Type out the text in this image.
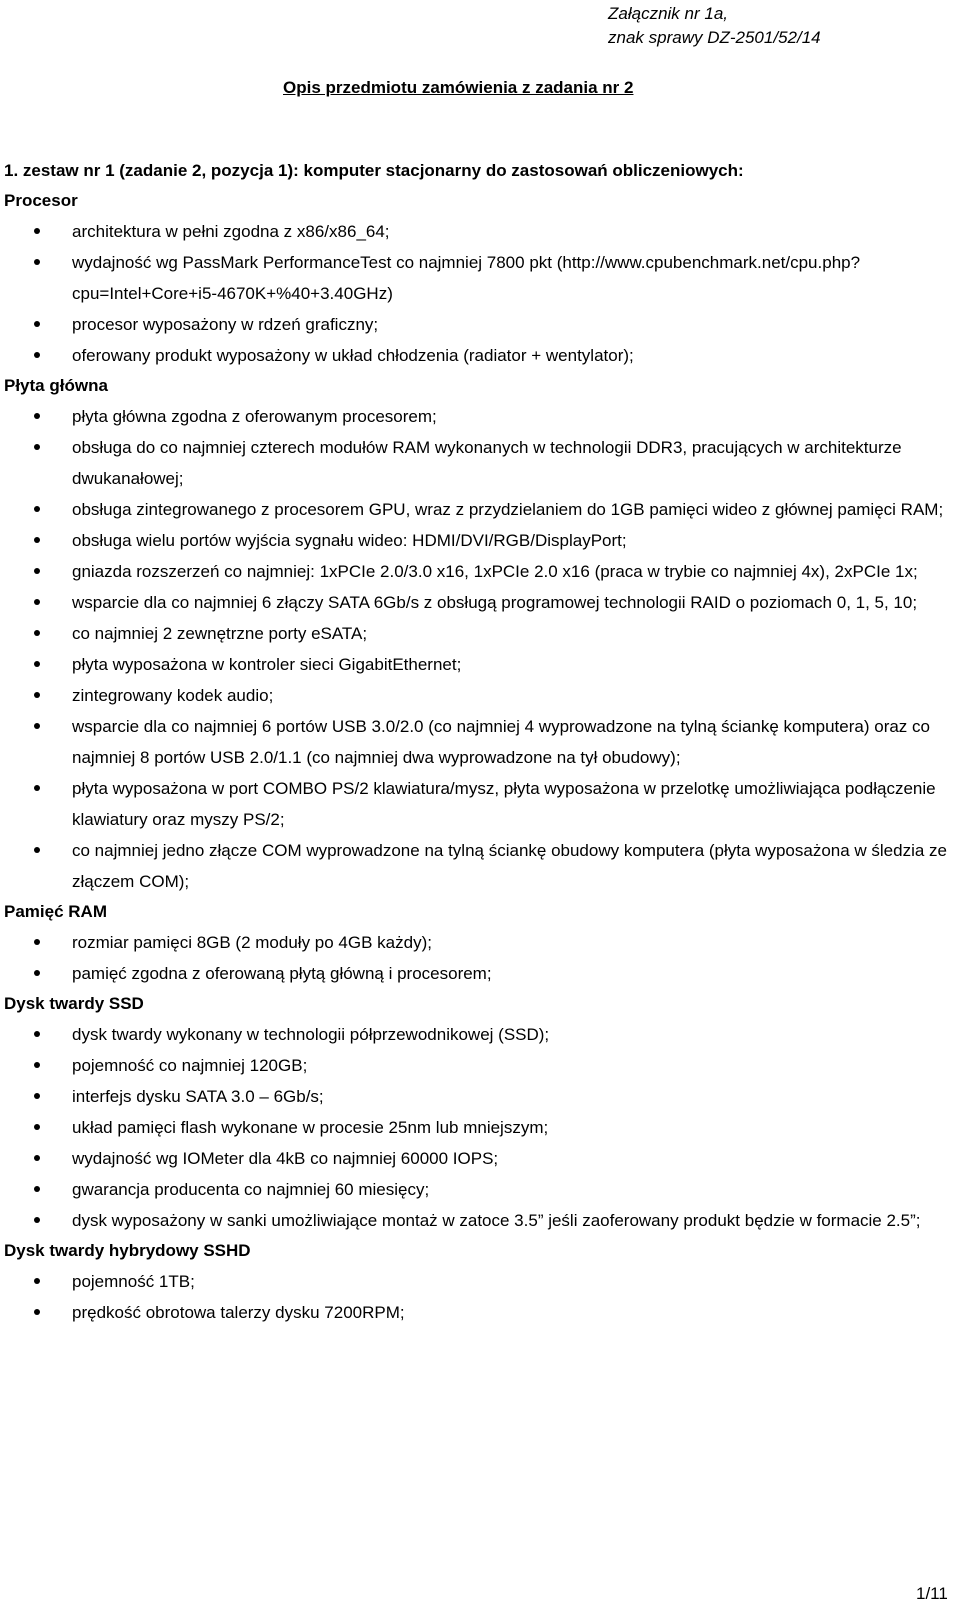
Załącznik nr 1a,
znak sprawy DZ-2501/52/14
Opis przedmiotu zamówienia z zadania nr 2
1. zestaw nr 1 (zadanie 2, pozycja 1): komputer stacjonarny do zastosowań obliczeniowych:
Procesor
architektura w pełni zgodna z x86/x86_64;
wydajność wg PassMark PerformanceTest co najmniej 7800 pkt (http://www.cpubenchmark.net/cpu.php?cpu=Intel+Core+i5-4670K+%40+3.40GHz)
procesor wyposażony w rdzeń graficzny;
oferowany produkt wyposażony w układ chłodzenia (radiator + wentylator);
Płyta główna
płyta główna zgodna z oferowanym procesorem;
obsługa do co najmniej czterech modułów RAM wykonanych w technologii DDR3, pracujących w architekturze dwukanałowej;
obsługa zintegrowanego z procesorem GPU, wraz z przydzielaniem do 1GB pamięci wideo z głównej pamięci RAM;
obsługa wielu portów wyjścia sygnału wideo: HDMI/DVI/RGB/DisplayPort;
gniazda rozszerzeń co najmniej: 1xPCIe 2.0/3.0 x16, 1xPCIe 2.0 x16 (praca w trybie co najmniej 4x), 2xPCIe 1x;
wsparcie dla co najmniej 6 złączy SATA 6Gb/s z obsługą programowej technologii RAID o poziomach 0, 1, 5, 10;
co najmniej 2 zewnętrzne porty eSATA;
płyta wyposażona w kontroler sieci GigabitEthernet;
zintegrowany kodek audio;
wsparcie dla co najmniej 6 portów USB 3.0/2.0 (co najmniej 4 wyprowadzone na tylną ściankę komputera) oraz co najmniej 8 portów USB 2.0/1.1 (co najmniej dwa wyprowadzone na tył obudowy);
płyta wyposażona w port COMBO PS/2 klawiatura/mysz, płyta wyposażona w przelotkę umożliwiająca podłączenie klawiatury oraz myszy PS/2;
co najmniej jedno złącze COM wyprowadzone na tylną ściankę obudowy komputera (płyta wyposażona w śledzia ze złączem COM);
Pamięć RAM
rozmiar pamięci 8GB (2 moduły po 4GB każdy);
pamięć zgodna z oferowaną płytą główną i procesorem;
Dysk twardy SSD
dysk twardy wykonany w technologii półprzewodnikowej (SSD);
pojemność co najmniej 120GB;
interfejs dysku SATA 3.0 – 6Gb/s;
układ pamięci flash wykonane w procesie 25nm lub mniejszym;
wydajność wg IOMeter dla 4kB co najmniej 60000 IOPS;
gwarancja producenta co najmniej 60 miesięcy;
dysk wyposażony w sanki umożliwiające montaż w zatoce 3.5” jeśli zaoferowany produkt będzie w formacie 2.5”;
Dysk twardy hybrydowy SSHD
pojemność 1TB;
prędkość obrotowa talerzy dysku 7200RPM;
1/11
